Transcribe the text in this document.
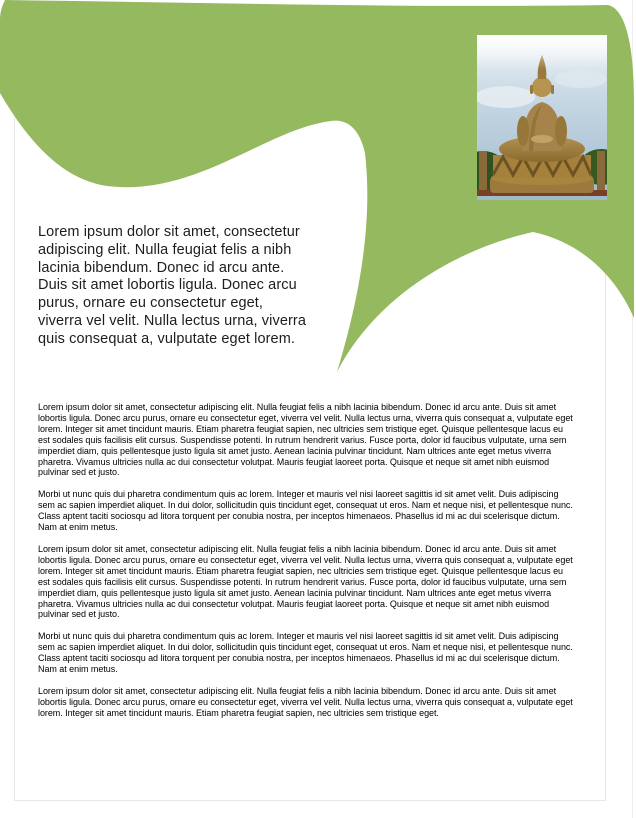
Lorem ipsum dolor sit amet, consectetur adipiscing elit. Nulla feugiat felis a nibh lacinia bibendum. Donec id arcu ante. Duis sit amet lobortis ligula. Donec arcu purus, ornare eu consectetur eget, viverra vel velit. Nulla lectus urna, viverra quis consequat a, vulputate eget lorem.

Lorem ipsum dolor sit amet, consectetur adipiscing elit. Nulla feugiat felis a nibh lacinia bibendum. Donec id arcu ante. Duis sit amet lobortis ligula. Donec arcu purus, ornare eu consectetur eget, viverra vel velit. Nulla lectus urna, viverra quis consequat a, vulputate eget lorem. Integer sit amet tincidunt mauris. Etiam pharetra feugiat sapien, nec ultricies sem tristique eget. Quisque pellentesque lacus eu est sodales quis facilisis elit cursus. Suspendisse potenti. In rutrum hendrerit varius. Fusce porta, dolor id faucibus vulputate, urna sem imperdiet diam, quis pellentesque justo ligula sit amet justo. Aenean lacinia pulvinar tincidunt. Nam ultrices ante eget metus viverra pharetra. Vivamus ultricies nulla ac dui consectetur volutpat. Mauris feugiat laoreet porta. Quisque et neque sit amet nibh euismod pulvinar sed et justo.

Morbi ut nunc quis dui pharetra condimentum quis ac lorem. Integer et mauris vel nisi laoreet sagittis id sit amet velit. Duis adipiscing sem ac sapien imperdiet aliquet. In dui dolor, sollicitudin quis tincidunt eget, consequat ut eros. Nam et neque nisi, et pellentesque nunc. Class aptent taciti sociosqu ad litora torquent per conubia nostra, per inceptos himenaeos. Phasellus id mi ac dui scelerisque dictum. Nam at enim metus.

Lorem ipsum dolor sit amet, consectetur adipiscing elit. Nulla feugiat felis a nibh lacinia bibendum. Donec id arcu ante. Duis sit amet lobortis ligula. Donec arcu purus, ornare eu consectetur eget, viverra vel velit. Nulla lectus urna, viverra quis consequat a, vulputate eget lorem. Integer sit amet tincidunt mauris. Etiam pharetra feugiat sapien, nec ultricies sem tristique eget. Quisque pellentesque lacus eu est sodales quis facilisis elit cursus. Suspendisse potenti. In rutrum hendrerit varius. Fusce porta, dolor id faucibus vulputate, urna sem imperdiet diam, quis pellentesque justo ligula sit amet justo. Aenean lacinia pulvinar tincidunt. Nam ultrices ante eget metus viverra pharetra. Vivamus ultricies nulla ac dui consectetur volutpat. Mauris feugiat laoreet porta. Quisque et neque sit amet nibh euismod pulvinar sed et justo.

Morbi ut nunc quis dui pharetra condimentum quis ac lorem. Integer et mauris vel nisi laoreet sagittis id sit amet velit. Duis adipiscing sem ac sapien imperdiet aliquet. In dui dolor, sollicitudin quis tincidunt eget, consequat ut eros. Nam et neque nisi, et pellentesque nunc. Class aptent taciti sociosqu ad litora torquent per conubia nostra, per inceptos himenaeos. Phasellus id mi ac dui scelerisque dictum. Nam at enim metus.

Lorem ipsum dolor sit amet, consectetur adipiscing elit. Nulla feugiat felis a nibh lacinia bibendum. Donec id arcu ante. Duis sit amet lobortis ligula. Donec arcu purus, ornare eu consectetur eget, viverra vel velit. Nulla lectus urna, viverra quis consequat a, vulputate eget lorem. Integer sit amet tincidunt mauris. Etiam pharetra feugiat sapien, nec ultricies sem tristique eget.
